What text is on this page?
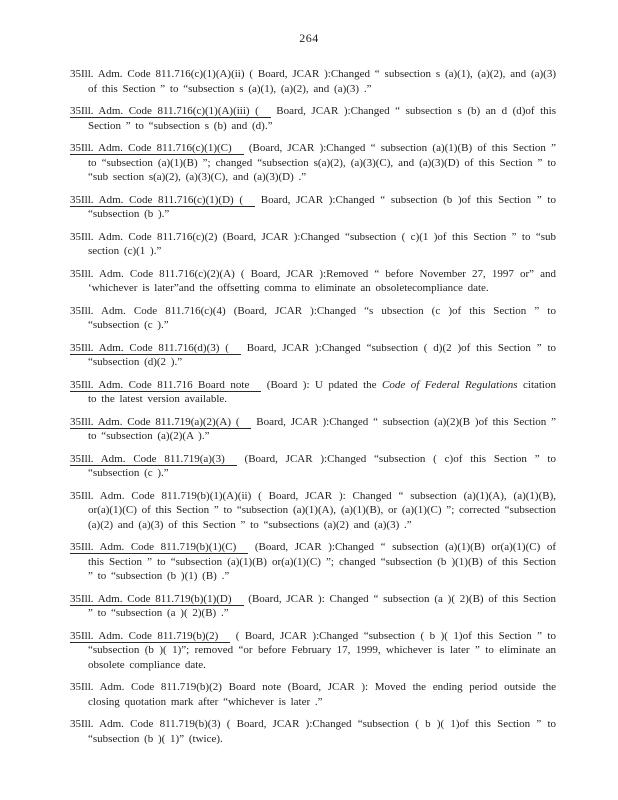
264
35Ill. Adm. Code 811.716(c)(1)(A)(ii) ( Board, JCAR ):Changed “ subsection s (a)(1), (a)(2), and (a)(3) of this Section ” to “subsection s (a)(1), (a)(2), and (a)(3) .”
35Ill. Adm. Code 811.716(c)(1)(A)(iii) ( Board, JCAR ):Changed “ subsection s (b) an d (d)of this Section ” to “subsection s (b) and (d).”
35Ill. Adm. Code 811.716(c)(1)(C) (Board, JCAR ):Changed “ subsection (a)(1)(B) of this Section ” to “subsection (a)(1)(B) ”; changed “subsection s(a)(2), (a)(3)(C), and (a)(3)(D) of this Section ” to “sub section s(a)(2), (a)(3)(C), and (a)(3)(D) .”
35Ill. Adm. Code 811.716(c)(1)(D) ( Board, JCAR ):Changed “ subsection (b )of this Section ” to “subsection (b ).”
35Ill. Adm. Code 811.716(c)(2) (Board, JCAR ):Changed “subsection ( c)(1 )of this Section ” to “sub section (c)(1 ).”
35Ill. Adm. Code 811.716(c)(2)(A) ( Board, JCAR ):Removed “ before November 27, 1997 or” and ‘whichever is later”and the offsetting comma to eliminate an obsoletecompliance date.
35Ill. Adm. Code 811.716(c)(4) (Board, JCAR ):Changed “s ubsection (c )of this Section ” to “subsection (c ).”
35Ill. Adm. Code 811.716(d)(3) ( Board, JCAR ):Changed “subsection ( d)(2 )of this Section ” to “subsection (d)(2 ).”
35Ill. Adm. Code 811.716 Board note (Board ): U pdated the Code of Federal Regulations citation to the latest version available.
35Ill. Adm. Code 811.719(a)(2)(A) ( Board, JCAR ):Changed “ subsection (a)(2)(B )of this Section ” to “subsection (a)(2)(A ).”
35Ill. Adm. Code 811.719(a)(3) (Board, JCAR ):Changed “subsection ( c)of this Section ” to “subsection (c ).”
35Ill. Adm. Code 811.719(b)(1)(A)(ii) ( Board, JCAR ): Changed “ subsection (a)(1)(A), (a)(1)(B), or(a)(1)(C) of this Section ” to “subsection (a)(1)(A), (a)(1)(B), or (a)(1)(C) ”; corrected “subsection (a)(2) and (a)(3) of this Section ” to “subsections (a)(2) and (a)(3) .”
35Ill. Adm. Code 811.719(b)(1)(C) (Board, JCAR ):Changed “ subsection (a)(1)(B) or(a)(1)(C) of this Section ” to “subsection (a)(1)(B) or(a)(1)(C) ”; changed “subsection (b )(1)(B) of this Section ” to “subsection (b )(1) (B) .”
35Ill. Adm. Code 811.719(b)(1)(D) (Board, JCAR ): Changed “ subsection (a )( 2)(B) of this Section ” to “subsection (a )( 2)(B) .”
35Ill. Adm. Code 811.719(b)(2) ( Board, JCAR ):Changed “subsection ( b )( 1)of this Section ” to “subsection (b )( 1)”; removed “or before February 17, 1999, whichever is later ” to eliminate an obsolete compliance date.
35Ill. Adm. Code 811.719(b)(2) Board note (Board, JCAR ): Moved the ending period outside the closing quotation mark after “whichever is later .”
35Ill. Adm. Code 811.719(b)(3) ( Board, JCAR ):Changed “subsection ( b )( 1)of this Section ” to “subsection (b )( 1)” (twice).
